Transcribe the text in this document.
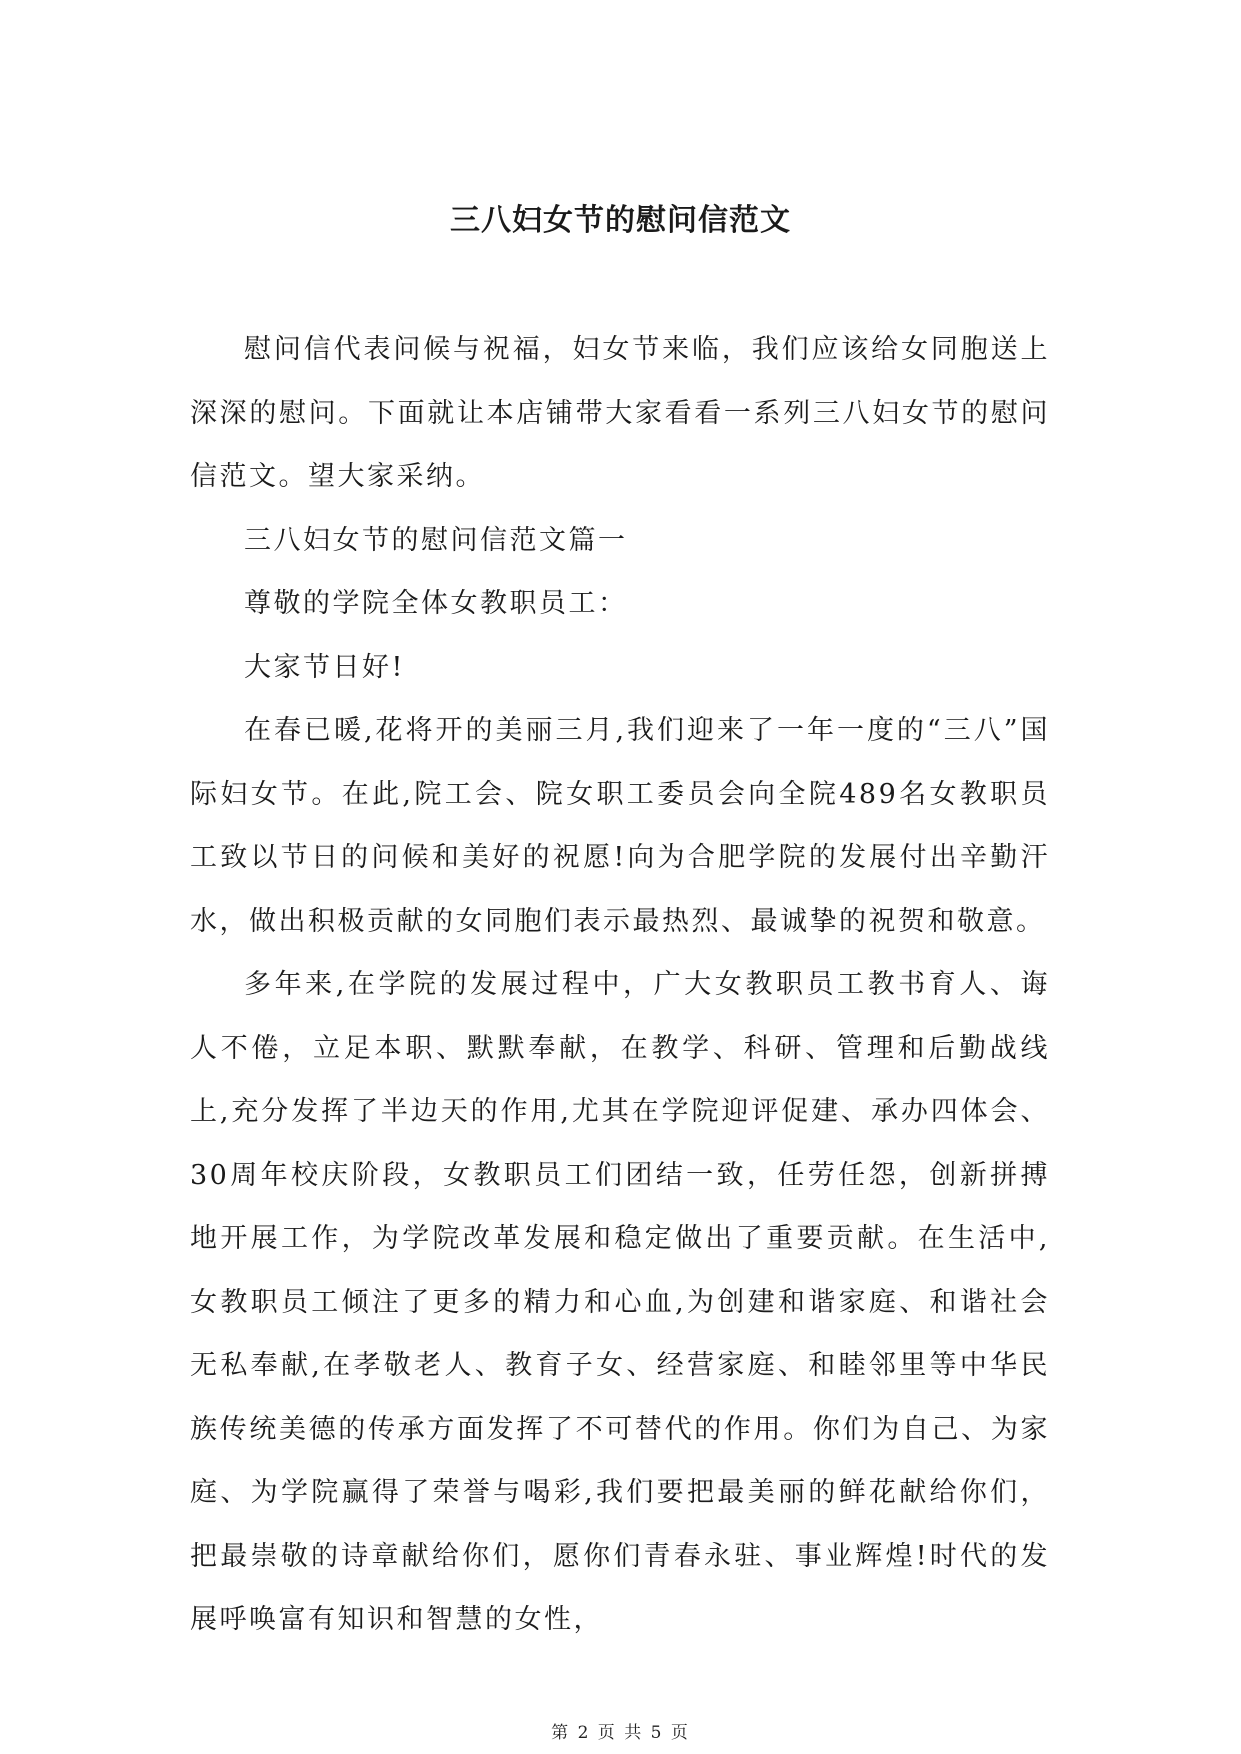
三八妇女节的慰问信范文

慰问信代表问候与祝福，妇女节来临，我们应该给女同胞送上深深的慰问。下面就让本店铺带大家看看一系列三八妇女节的慰问信范文。望大家采纳。

三八妇女节的慰问信范文篇一

尊敬的学院全体女教职员工：

大家节日好!

在春已暖,花将开的美丽三月,我们迎来了一年一度的“三八”国际妇女节。在此,院工会、院女职工委员会向全院489名女教职员工致以节日的问候和美好的祝愿!向为合肥学院的发展付出辛勤汗水，做出积极贡献的女同胞们表示最热烈、最诚挚的祝贺和敬意。

多年来,在学院的发展过程中，广大女教职员工教书育人、诲人不倦，立足本职、默默奉献，在教学、科研、管理和后勤战线上,充分发挥了半边天的作用,尤其在学院迎评促建、承办四体会、30周年校庆阶段，女教职员工们团结一致，任劳任怨，创新拼搏地开展工作，为学院改革发展和稳定做出了重要贡献。在生活中,女教职员工倾注了更多的精力和心血,为创建和谐家庭、和谐社会无私奉献,在孝敬老人、教育子女、经营家庭、和睦邻里等中华民族传统美德的传承方面发挥了不可替代的作用。你们为自己、为家庭、为学院赢得了荣誉与喝彩,我们要把最美丽的鲜花献给你们，把最崇敬的诗章献给你们，愿你们青春永驻、事业辉煌!时代的发展呼唤富有知识和智慧的女性，

第 2 页 共 5 页
